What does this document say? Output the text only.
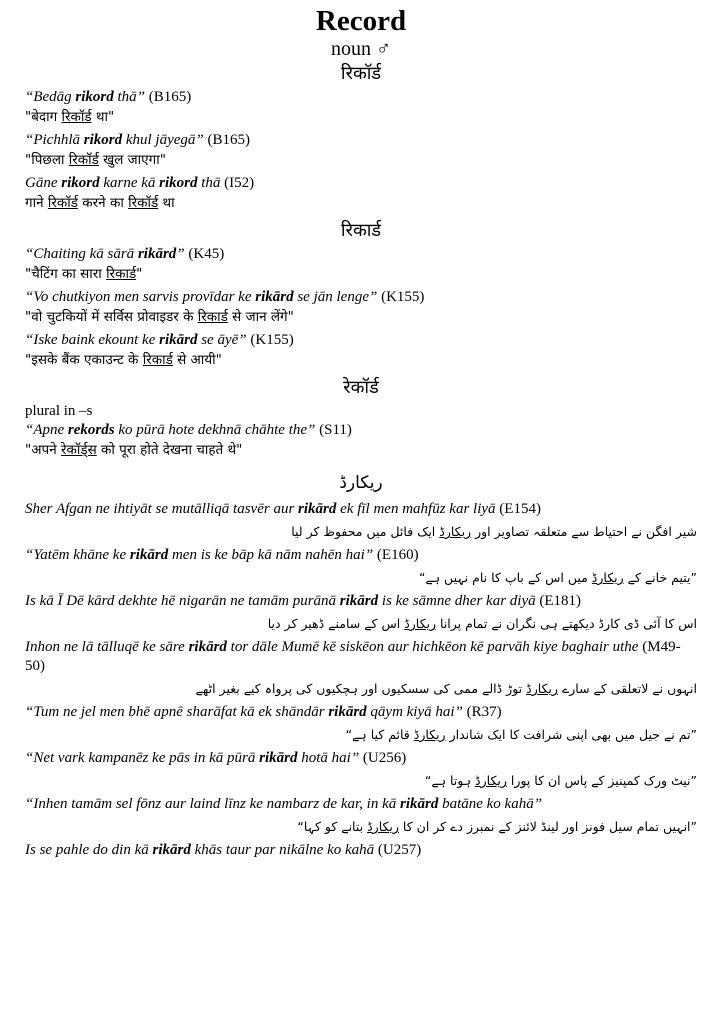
Record
noun ♂
रिकॉर्ड
“Bedāg rikord thā” (B165)
"बेदाग रिकॉर्ड था"
“Pichhlā rikord khul jāyegā” (B165)
"पिछला रिकॉर्ड खुल जाएगा"
Gāne rikord karne kā rikord thā (I52)
गाने रिकॉर्ड करने का रिकॉर्ड था
रिकार्ड
“Chaiting kā sārā rikārd” (K45)
"चैटिंग का सारा रिकार्ड"
“Vo chutkiyon men sarvis provīdar ke rikārd se jān lenge” (K155)
"वो चुटकियों में सर्विस प्रोवाइडर के रिकार्ड से जान लेंगे"
“Iske baink ekount ke rikārd se āyē” (K155)
"इसके बैंक एकाउन्ट के रिकार्ड से आयी"
रेकॉर्ड
plural in –s
“Apne rekords ko pūrā hote dekhnā chāhte the” (S11)
"अपने रेकॉर्ड्स को पूरा होते देखना चाहते थे"
ریکارڈ
Sher Afgan ne ihtiyāt se mutālliqā tasvēr aur rikārd ek fīl men mahfūz kar liyā (E154)
شیر افگن نے احتیاط سے متعلقہ تصاویر اور ریکارڈ ایک فائل میں محفوظ کر لیا
“Yatēm khāne ke rikārd men is ke bāp kā nām nahēn hai” (E160)
”یتیم خانے کے ریکارڈ میں اس کے باپ کا نام نہیں ہے“
Is kā Ī Dē kārd dekhte hē nigarān ne tamām purānā rikārd is ke sāmne dher kar diyā (E181)
اس کا آئی ڈی کارڈ دیکھتے ہی نگران نے تمام پرانا ریکارڈ اس کے سامنے ڈھیر کر دیا
Inhon ne lā tālluqē ke sāre rikārd tor dāle Mumē kē siskēon aur hichkēon kē parvāh kiye baghair uthe (M49-50)
انہوں نے لاتعلقی کے سارے ریکارڈ توڑ ڈالے ممی کی سسکیوں اور ہچکیوں کی پرواہ کیے بغیر اٹھے
“Tum ne jel men bhē apnē sharāfat kā ek shāndār rikārd qāym kiyā hai” (R37)
”تم نے جیل میں بھی اپنی شرافت کا ایک شاندار ریکارڈ قائم کیا ہے“
“Net vark kampanēz ke pās in kā pūrā rikārd hotā hai” (U256)
”نیٹ ورک کمپنیز کے پاس ان کا پورا ریکارڈ ہوتا ہے“
“Inhen tamām sel fōnz aur laind līnz ke nambarz de kar, in kā rikārd batāne ko kahā”
”انہیں تمام سیل فونز اور لینڈ لائنز کے نمبرز دے کر ان کا ریکارڈ بتانے کو کہا“
Is se pahle do din kā rikārd khās taur par nikālne ko kahā (U257)
